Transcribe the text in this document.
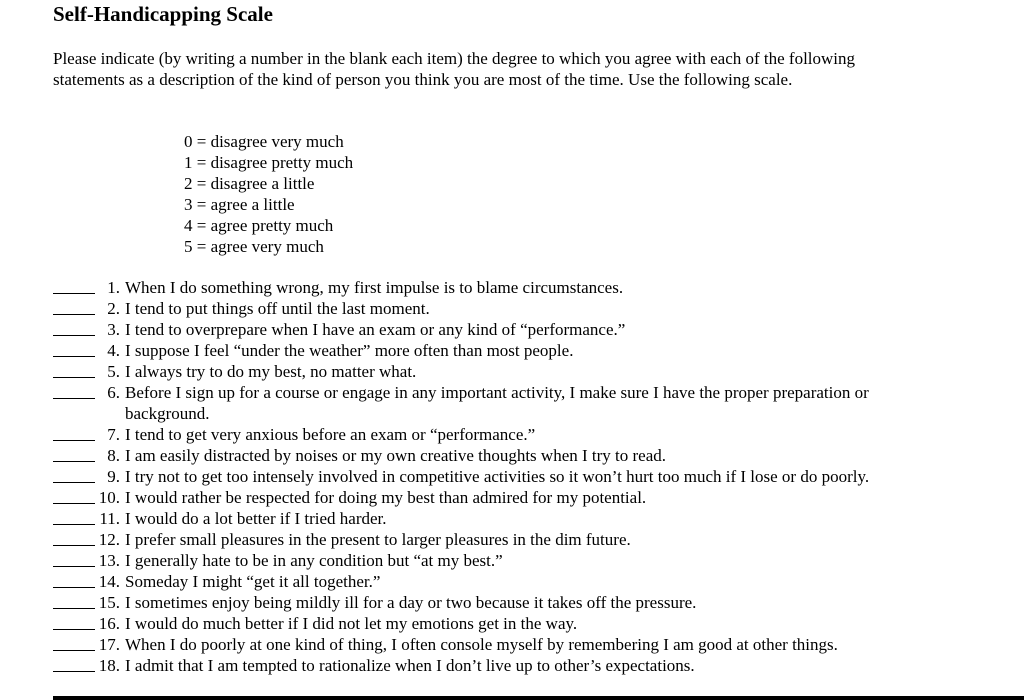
Self-Handicapping Scale

Please indicate (by writing a number in the blank each item) the degree to which you agree with each of the following statements as a description of the kind of person you think you are most of the time. Use the following scale.

0 = disagree very much
1 = disagree pretty much
2 = disagree a little
3 = agree a little
4 = agree pretty much
5 = agree very much
1. When I do something wrong, my first impulse is to blame circumstances.
2. I tend to put things off until the last moment.
3. I tend to overprepare when I have an exam or any kind of “performance.”
4. I suppose I feel “under the weather” more often than most people.
5. I always try to do my best, no matter what.
6. Before I sign up for a course or engage in any important activity, I make sure I have the proper preparation or background.
7. I tend to get very anxious before an exam or “performance.”
8. I am easily distracted by noises or my own creative thoughts when I try to read.
9. I try not to get too intensely involved in competitive activities so it won’t hurt too much if I lose or do poorly.
10. I would rather be respected for doing my best than admired for my potential.
11. I would do a lot better if I tried harder.
12. I prefer small pleasures in the present to larger pleasures in the dim future.
13. I generally hate to be in any condition but “at my best.”
14. Someday I might “get it all together.”
15. I sometimes enjoy being mildly ill for a day or two because it takes off the pressure.
16. I would do much better if I did not let my emotions get in the way.
17. When I do poorly at one kind of thing, I often console myself by remembering I am good at other things.
18. I admit that I am tempted to rationalize when I don’t live up to other’s expectations.
